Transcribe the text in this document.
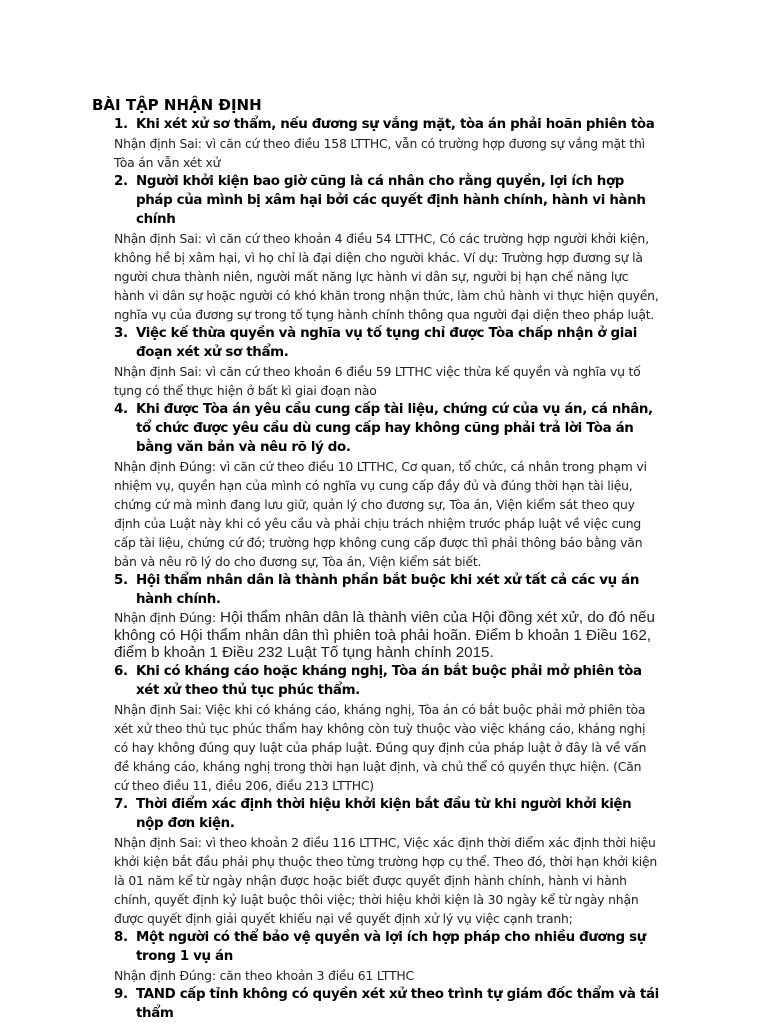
BÀI TẬP NHẬN ĐỊNH

1. Khi xét xử sơ thẩm, nếu đương sự vắng mặt, tòa án phải hoãn phiên tòa

Nhận định Sai: vì căn cứ theo điều 158 LTTHC, vẫn có trường hợp đương sự vắng mặt thì Tòa án vẫn xét xử

2. Người khởi kiện bao giờ cũng là cá nhân cho rằng quyền, lợi ích hợp pháp của mình bị xâm hại bởi các quyết định hành chính, hành vi hành chính

Nhận định Sai: vì căn cứ theo khoản 4 điều 54 LTTHC, Có các trường hợp người khởi kiện, không hề bị xâm hại, vì họ chỉ là đại diện cho người khác. Ví dụ: Trường hợp đương sự là người chưa thành niên, người mất năng lực hành vi dân sự, người bị hạn chế năng lực hành vi dân sự hoặc người có khó khăn trong nhận thức, làm chủ hành vi thực hiện quyền, nghĩa vụ của đương sự trong tố tụng hành chính thông qua người đại diện theo pháp luật.

3. Việc kế thừa quyền và nghĩa vụ tố tụng chỉ được Tòa chấp nhận ở giai đoạn xét xử sơ thẩm.

Nhận định Sai: vì căn cứ theo khoản 6 điều 59 LTTHC việc thừa kế quyền và nghĩa vụ tố tụng có thể thực hiện ở bất kì giai đoạn nào

4. Khi được Tòa án yêu cầu cung cấp tài liệu, chứng cứ của vụ án, cá nhân, tổ chức được yêu cầu dù cung cấp hay không cũng phải trả lời Tòa án bằng văn bản và nêu rõ lý do.

Nhận định Đúng: vì căn cứ theo điều 10 LTTHC, Cơ quan, tổ chức, cá nhân trong phạm vi nhiệm vụ, quyền hạn của mình có nghĩa vụ cung cấp đầy đủ và đúng thời hạn tài liệu, chứng cứ mà mình đang lưu giữ, quản lý cho đương sự, Tòa án, Viện kiểm sát theo quy định của Luật này khi có yêu cầu và phải chịu trách nhiệm trước pháp luật về việc cung cấp tài liệu, chứng cứ đó; trường hợp không cung cấp được thì phải thông báo bằng văn bản và nêu rõ lý do cho đương sự, Tòa án, Viện kiểm sát biết.

5. Hội thẩm nhân dân là thành phần bắt buộc khi xét xử tất cả các vụ án hành chính.

Nhận định Đúng: Hội thẩm nhân dân là thành viên của Hội đồng xét xử, do đó nếu không có Hội thẩm nhân dân thì phiên toà phải hoãn. Điểm b khoản 1 Điều 162, điểm b khoản 1 Điều 232 Luật Tố tụng hành chính 2015.

6. Khi có kháng cáo hoặc kháng nghị, Tòa án bắt buộc phải mở phiên tòa xét xử theo thủ tục phúc thẩm.

Nhận định Sai: Việc khi có kháng cáo, kháng nghị, Tòa án có bắt buộc phải mở phiên tòa xét xử theo thủ tục phúc thẩm hay không còn tuỳ thuộc vào việc kháng cáo, kháng nghị có hay không đúng quy luật của pháp luật. Đúng quy định của pháp luật ở đây là về vấn đề kháng cáo, kháng nghị trong thời hạn luật định, và chủ thể có quyền thực hiện. (Căn cứ theo điều 11, điều 206, điều 213 LTTHC)

7. Thời điểm xác định thời hiệu khởi kiện bắt đầu từ khi người khởi kiện nộp đơn kiện.

Nhận định Sai: vì theo khoản 2 điều 116 LTTHC, Việc xác định thời điểm xác định thời hiệu khởi kiện bắt đầu phải phụ thuộc theo từng trường hợp cụ thể. Theo đó, thời hạn khởi kiện là 01 năm kể từ ngày nhận được hoặc biết được quyết định hành chính, hành vi hành chính, quyết định kỷ luật buộc thôi việc; thời hiệu khởi kiện là 30 ngày kể từ ngày nhận được quyết định giải quyết khiếu nại về quyết định xử lý vụ việc cạnh tranh;

8. Một người có thể bảo vệ quyền và lợi ích hợp pháp cho nhiều đương sự trong 1 vụ án

Nhận định Đúng: căn theo khoản 3 điều 61 LTTHC

9. TAND cấp tỉnh không có quyền xét xử theo trình tự giám đốc thẩm và tái thẩm
